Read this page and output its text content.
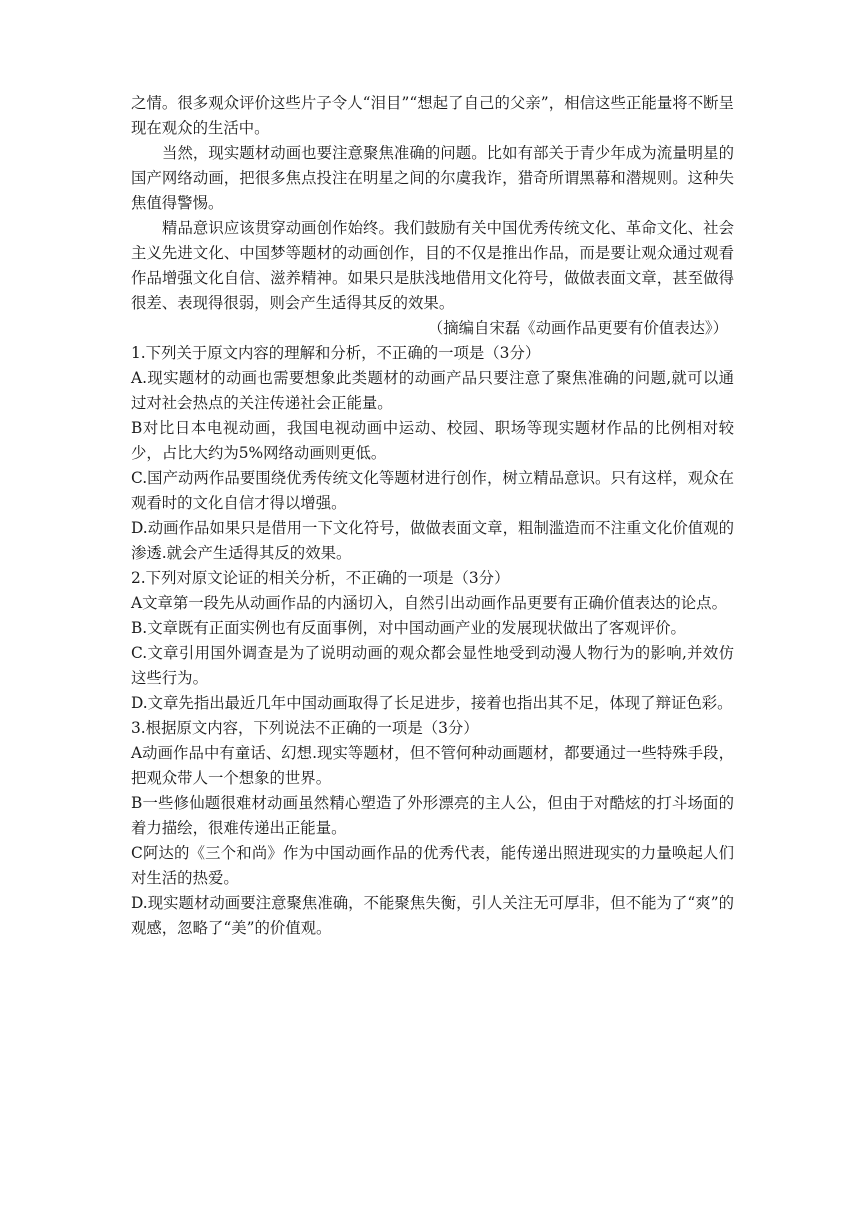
之情。很多观众评价这些片子令人“泪目”“想起了自己的父亲”，相信这些正能量将不断呈现在观众的生活中。

当然，现实题材动画也要注意聚焦准确的问题。比如有部关于青少年成为流量明星的国产网络动画，把很多焦点投注在明星之间的尔虞我诈，猎奇所谓黑幕和潜规则。这种失焦值得警惕。

精品意识应该贯穿动画创作始终。我们鼓励有关中国优秀传统文化、革命文化、社会主义先进文化、中国梦等题材的动画创作，目的不仅是推出作品，而是要让观众通过观看作品增强文化自信、滋养精神。如果只是肤浅地借用文化符号，做做表面文章，甚至做得很差、表现得很弱，则会产生适得其反的效果。

（摘编自宋磊《动画作品更要有价值表达》）

1.下列关于原文内容的理解和分析，不正确的一项是（3分）

A.现实题材的动画也需要想象此类题材的动画产品只要注意了聚焦准确的问题,就可以通过对社会热点的关注传递社会正能量。

B对比日本电视动画，我国电视动画中运动、校园、职场等现实题材作品的比例相对较少，占比大约为5%网络动画则更低。

C.国产动两作品要围绕优秀传统文化等题材进行创作，树立精品意识。只有这样，观众在观看时的文化自信才得以增强。

D.动画作品如果只是借用一下文化符号，做做表面文章，粗制滥造而不注重文化价值观的渗透.就会产生适得其反的效果。

2.下列对原文论证的相关分析，不正确的一项是（3分）

A文章第一段先从动画作品的内涵切入，自然引出动画作品更要有正确价值表达的论点。

B.文章既有正面实例也有反面事例，对中国动画产业的发展现状做出了客观评价。

C.文章引用国外调查是为了说明动画的观众都会显性地受到动漫人物行为的影响,并效仿这些行为。

D.文章先指出最近几年中国动画取得了长足进步，接着也指出其不足，体现了辩证色彩。

3.根据原文内容，下列说法不正确的一项是（3分）

A动画作品中有童话、幻想.现实等题材，但不管何种动画题材，都要通过一些特殊手段，把观众带人一个想象的世界。

B一些修仙题很难材动画虽然精心塑造了外形漂亮的主人公，但由于对酷炫的打斗场面的着力描绘，很难传递出正能量。

C阿达的《三个和尚》作为中国动画作品的优秀代表，能传递出照进现实的力量唤起人们对生活的热爱。

D.现实题材动画要注意聚焦准确，不能聚焦失衡，引人关注无可厚非，但不能为了“爽”的观感，忽略了“美”的价值观。
